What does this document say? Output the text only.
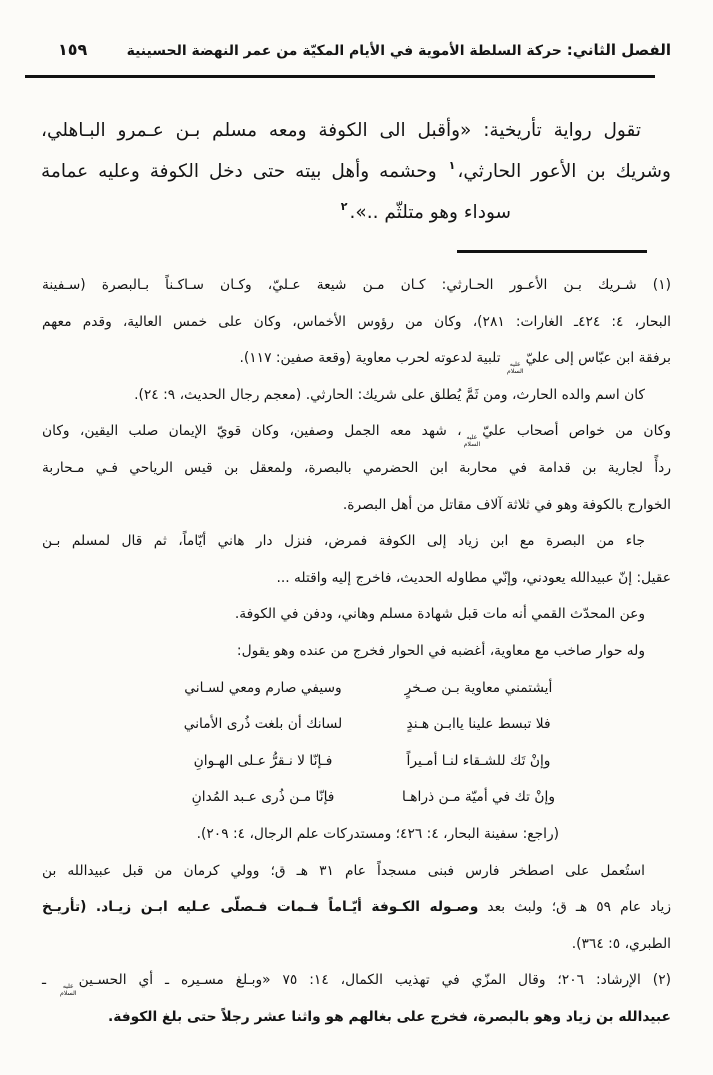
الفصل الثاني: حركة السلطة الأموية في الأيام المكيّة من عمر النهضة الحسينية
١٥٩
تقول رواية تأريخية: «وأقبل الى الكوفة ومعه مسلم بـن عـمرو البـاهلي،
وشريك بن الأعور الحارثي،$^١$ وحشمه وأهل بيته حتى دخل الكوفة وعليه عمامة
سوداء وهو متلثّم ..».$^٢$
(١) شـريك بـن الأعـور الحـارثي: كـان مـن شيعة عـليّ، وكـان سـاكـناً بـالبصرة (سـفينة
البحار، ٤: ٤٢٤ـ الغارات: ٢٨١)، وكان من رؤوس الأخماس، وكان على خمس العالية، وقدم معهم
برفقة ابن عبّاس إلى عليّ
عليه
السلام
تلبية لدعوته لحرب معاوية (وقعة صفين: ١١٧).
كان اسم والده الحارث، ومن ثَمَّ يُطلق على شريك: الحارثي. (معجم رجال الحديث، ٩: ٢٤).
وكان من خواص أصحاب عليّ
عليه
السلام
، شهد معه الجمل وصفين، وكان قويّ الإيمان صلب اليقين، وكان
ردأً لجارية بن قدامة في محاربة ابن الحضرمي بالبصرة، ولمعقل بن قيس الرياحي فـي مـحاربة
الخوارج بالكوفة وهو في ثلاثة آلاف مقاتل من أهل البصرة.
جاء من البصرة مع ابن زياد إلى الكوفة فمرض، فنزل دار هاني أيّاماً، ثم قال لمسلم بـن
عقيل: إنّ عبيدالله يعودني، وإنّي مطاوله الحديث، فاخرج إليه واقتله ...
وعن المحدّث القمي أنه مات قبل شهادة مسلم وهاني، ودفن في الكوفة.
وله حوار صاخب مع معاوية، أغضبه في الحوار فخرج من عنده وهو يقول:
أيشتمني معاوية بـن صـخرٍ
وسيفي صارم ومعي لسـاني
فلا تبسط علينا ياابـن هـندٍ
لسانك أن بلغت ذُرى الأماني
وإنْ تَك للشـقاء لنـا أمـيراً
فـإنّا لا نـقرُّ عـلى الهـوانِ
وإنْ تك في أميّة مـن ذراهـا
فإنّا مـن ذُرى عـبد المُدانِ
(راجع: سفينة البحار، ٤: ٤٢٦؛ ومستدركات علم الرجال، ٤: ٢٠٩).
استُعمل على اصطخر فارس فبنى مسجداً عام ٣١ هـ ق؛ وولي كرمان من قبل عبيدالله بن
زياد عام ٥٩ هـ ق؛ ولبث بعد وصـوله الكـوفة أيّـاماً فـمات فـصلّى عـليه ابـن زيـاد. (تأريـخ
الطبري، ٥: ٣٦٤).
(٢) الإرشاد: ٢٠٦؛ وقال المزّي في تهذيب الكمال، ١٤: ٧٥ «وبـلغ مسـيره ـ أي الحسـين
عليه
السلام
ـ
عبيدالله بن زياد وهو بالبصرة، فخرج على بغالهم هو واثنا عشر رجلاً حتى بلغ الكوفة.
